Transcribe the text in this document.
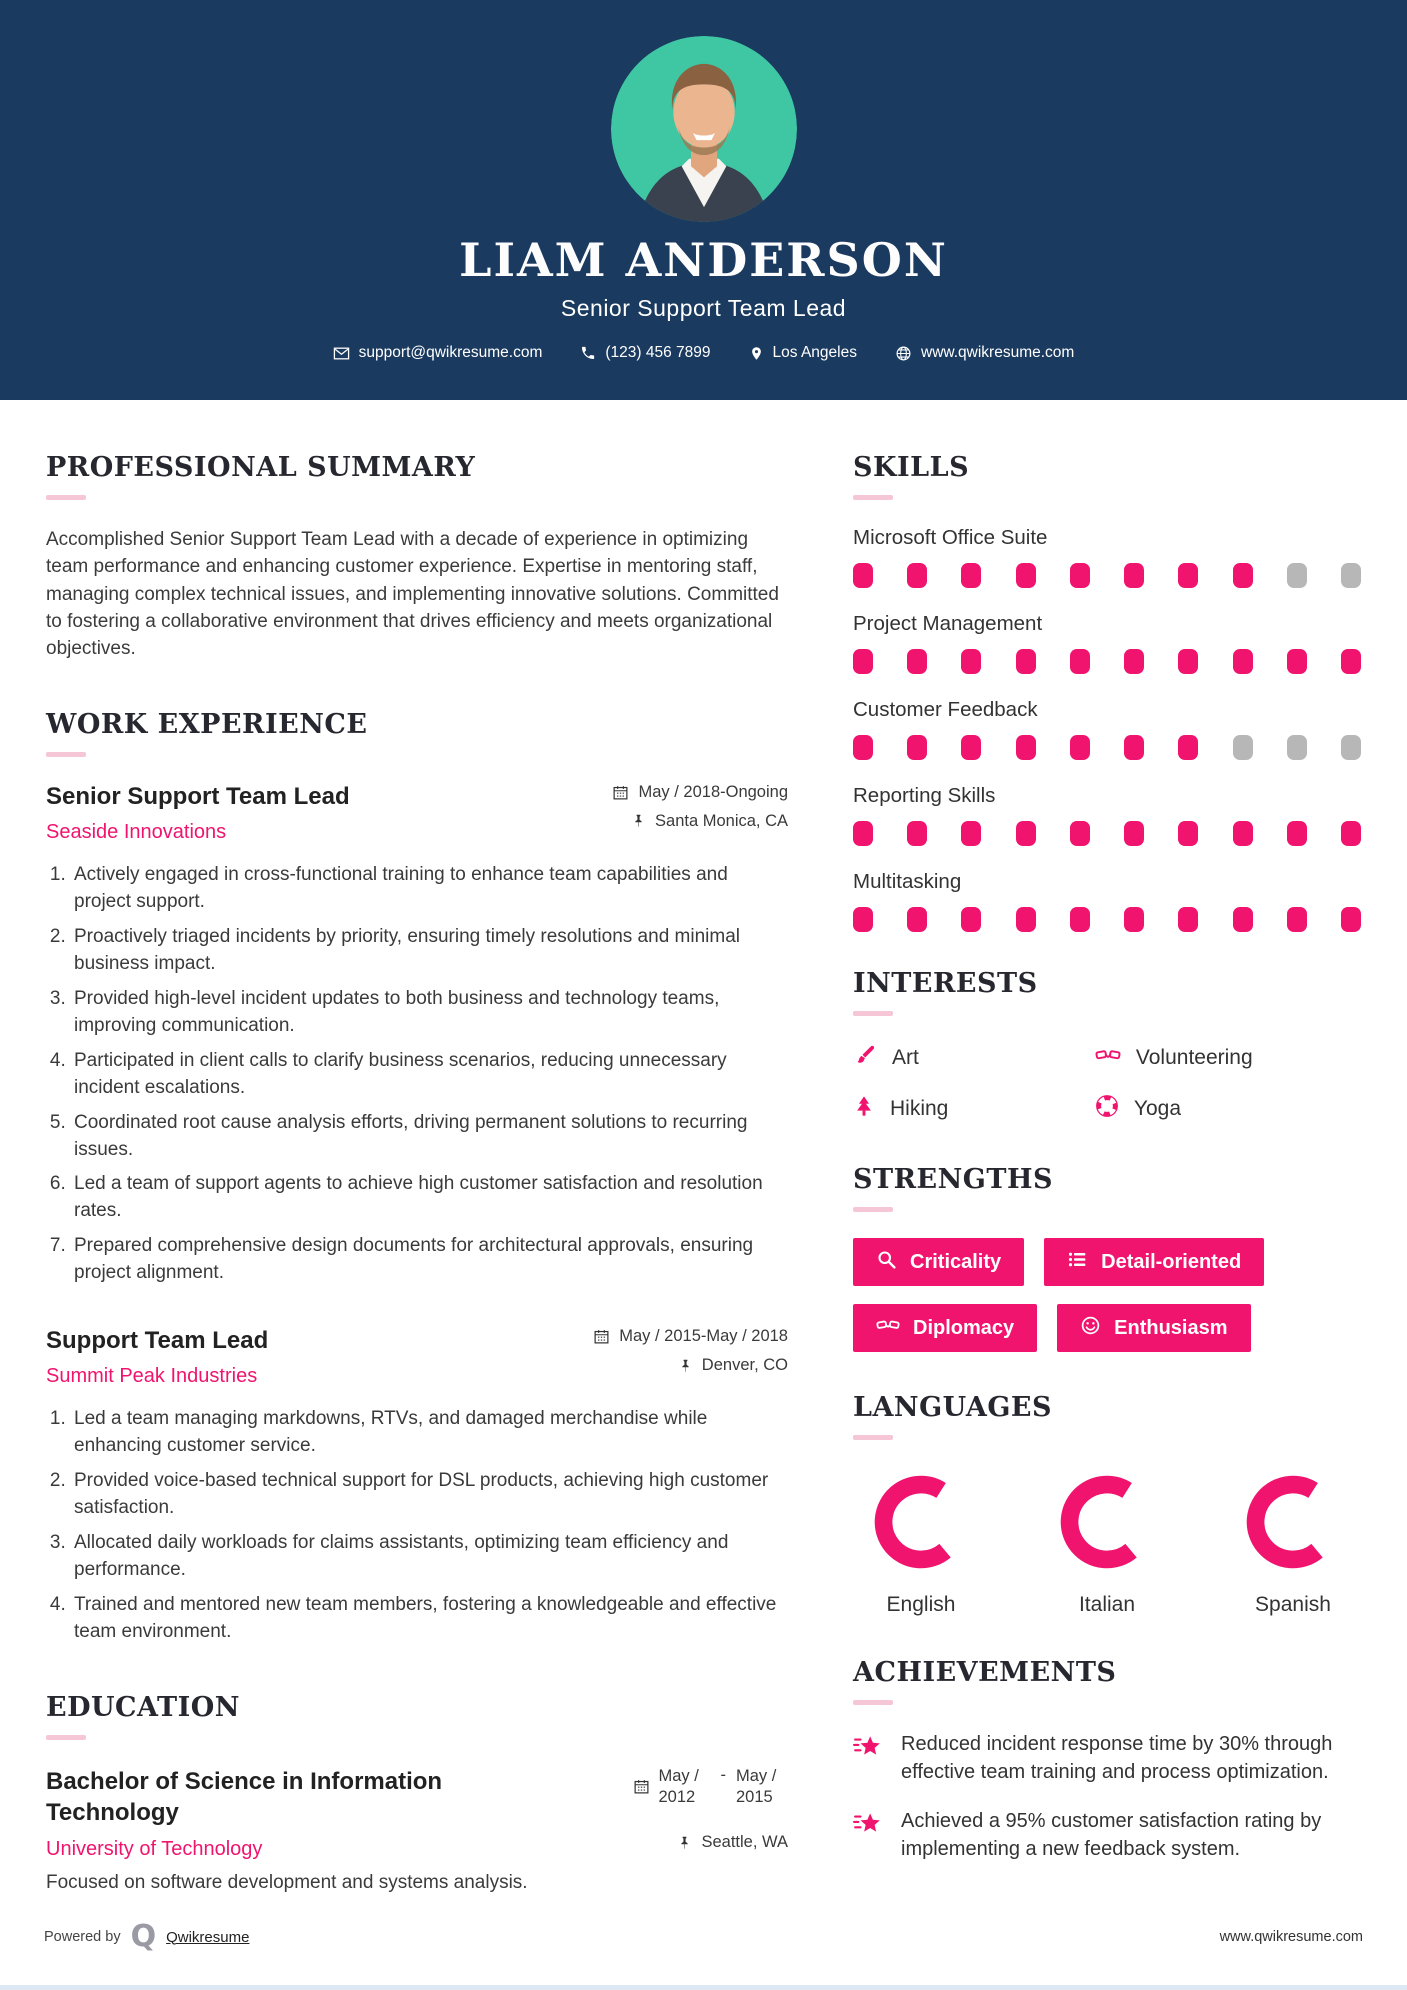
LIAM ANDERSON
Senior Support Team Lead
support@qwikresume.com	(123) 456 7899	Los Angeles	www.qwikresume.com
PROFESSIONAL SUMMARY

Accomplished Senior Support Team Lead with a decade of experience in optimizing team performance and enhancing customer experience. Expertise in mentoring staff, managing complex technical issues, and implementing innovative solutions. Committed to fostering a collaborative environment that drives efficiency and meets organizational objectives.

WORK EXPERIENCE
Senior Support Team Lead
Seaside Innovations
May / 2018-Ongoing
Santa Monica, CA
1. Actively engaged in cross-functional training to enhance team capabilities and project support.
2. Proactively triaged incidents by priority, ensuring timely resolutions and minimal business impact.
3. Provided high-level incident updates to both business and technology teams, improving communication.
4. Participated in client calls to clarify business scenarios, reducing unnecessary incident escalations.
5. Coordinated root cause analysis efforts, driving permanent solutions to recurring issues.
6. Led a team of support agents to achieve high customer satisfaction and resolution rates.
7. Prepared comprehensive design documents for architectural approvals, ensuring project alignment.
Support Team Lead
Summit Peak Industries
May / 2015-May / 2018
Denver, CO
1. Led a team managing markdowns, RTVs, and damaged merchandise while enhancing customer service.
2. Provided voice-based technical support for DSL products, achieving high customer satisfaction.
3. Allocated daily workloads for claims assistants, optimizing team efficiency and performance.
4. Trained and mentored new team members, fostering a knowledgeable and effective team environment.
EDUCATION
Bachelor of Science in Information Technology
University of Technology
May / 2012
- May / 2015
Seattle, WA

Focused on software development and systems analysis.

SKILLS
Microsoft Office Suite
Project Management
Customer Feedback
Reporting Skills
Multitasking
INTERESTS
Art	Volunteering
Hiking	Yoga
STRENGTHS
Criticality	Detail-oriented
Diplomacy	Enthusiasm
LANGUAGES
English	Italian	Spanish
ACHIEVEMENTS
Reduced incident response time by 30% through effective team training and process optimization.
Achieved a 95% customer satisfaction rating by implementing a new feedback system.
Powered by Q Qwikresume	www.qwikresume.com
